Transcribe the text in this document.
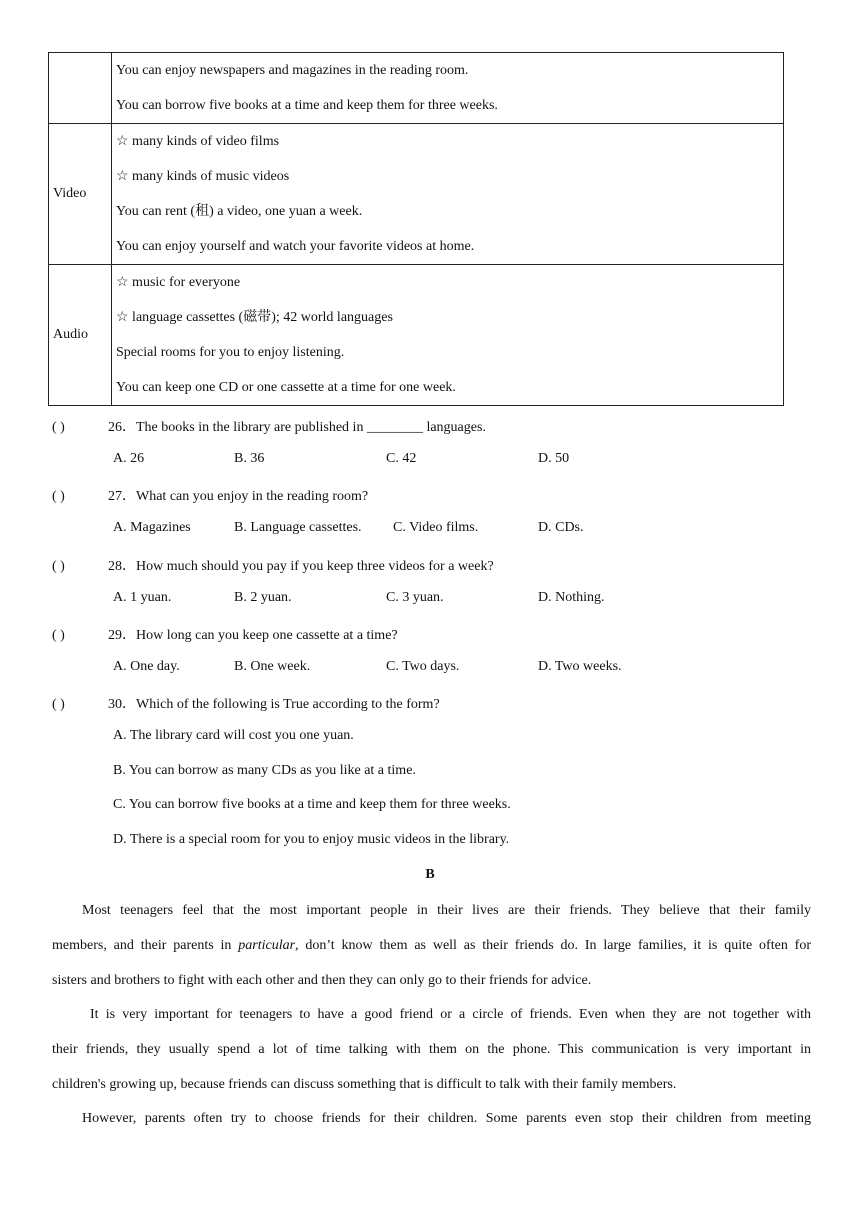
	You can enjoy newspapers and magazines in the reading room.
You can borrow five books at a time and keep them for three weeks.

Video	☆ many kinds of video films
☆ many kinds of music videos
You can rent (租) a video, one yuan a week.
You can enjoy yourself and watch your favorite videos at home.

Audio	☆ music for everyone
☆ language cassettes (磁带); 42 world languages
Special rooms for you to enjoy listening.
You can keep one CD or one cassette at a time for one week.
( )	26．The books in the library are published in ________ languages.
A. 26	B. 36	C. 42	D. 50
( )	27．What can you enjoy in the reading room?
A. Magazines	B. Language cassettes. C. Video films.	D. CDs.
( )	28．How much should you pay if you keep three videos for a week?
A. 1 yuan.	B. 2 yuan.	C. 3 yuan.	D. Nothing.
( )	29．How long can you keep one cassette at a time?
A. One day.	B. One week.	C. Two days.	D. Two weeks.
( )	30．Which of the following is True according to the form?
A. The library card will cost you one yuan.
B. You can borrow as many CDs as you like at a time.
C. You can borrow five books at a time and keep them for three weeks.
D. There is a special room for you to enjoy music videos in the library.
B
Most teenagers feel that the most important people in their lives are their friends. They believe that their family
members, and their parents in particular, don’t know them as well as their friends do. In large families, it is quite often for
sisters and brothers to fight with each other and then they can only go to their friends for advice.
It is very important for teenagers to have a good friend or a circle of friends. Even when they are not together with
their friends, they usually spend a lot of time talking with them on the phone. This communication is very important in
children's growing up, because friends can discuss something that is difficult to talk with their family members.
However, parents often try to choose friends for their children. Some parents even stop their children from meeting
